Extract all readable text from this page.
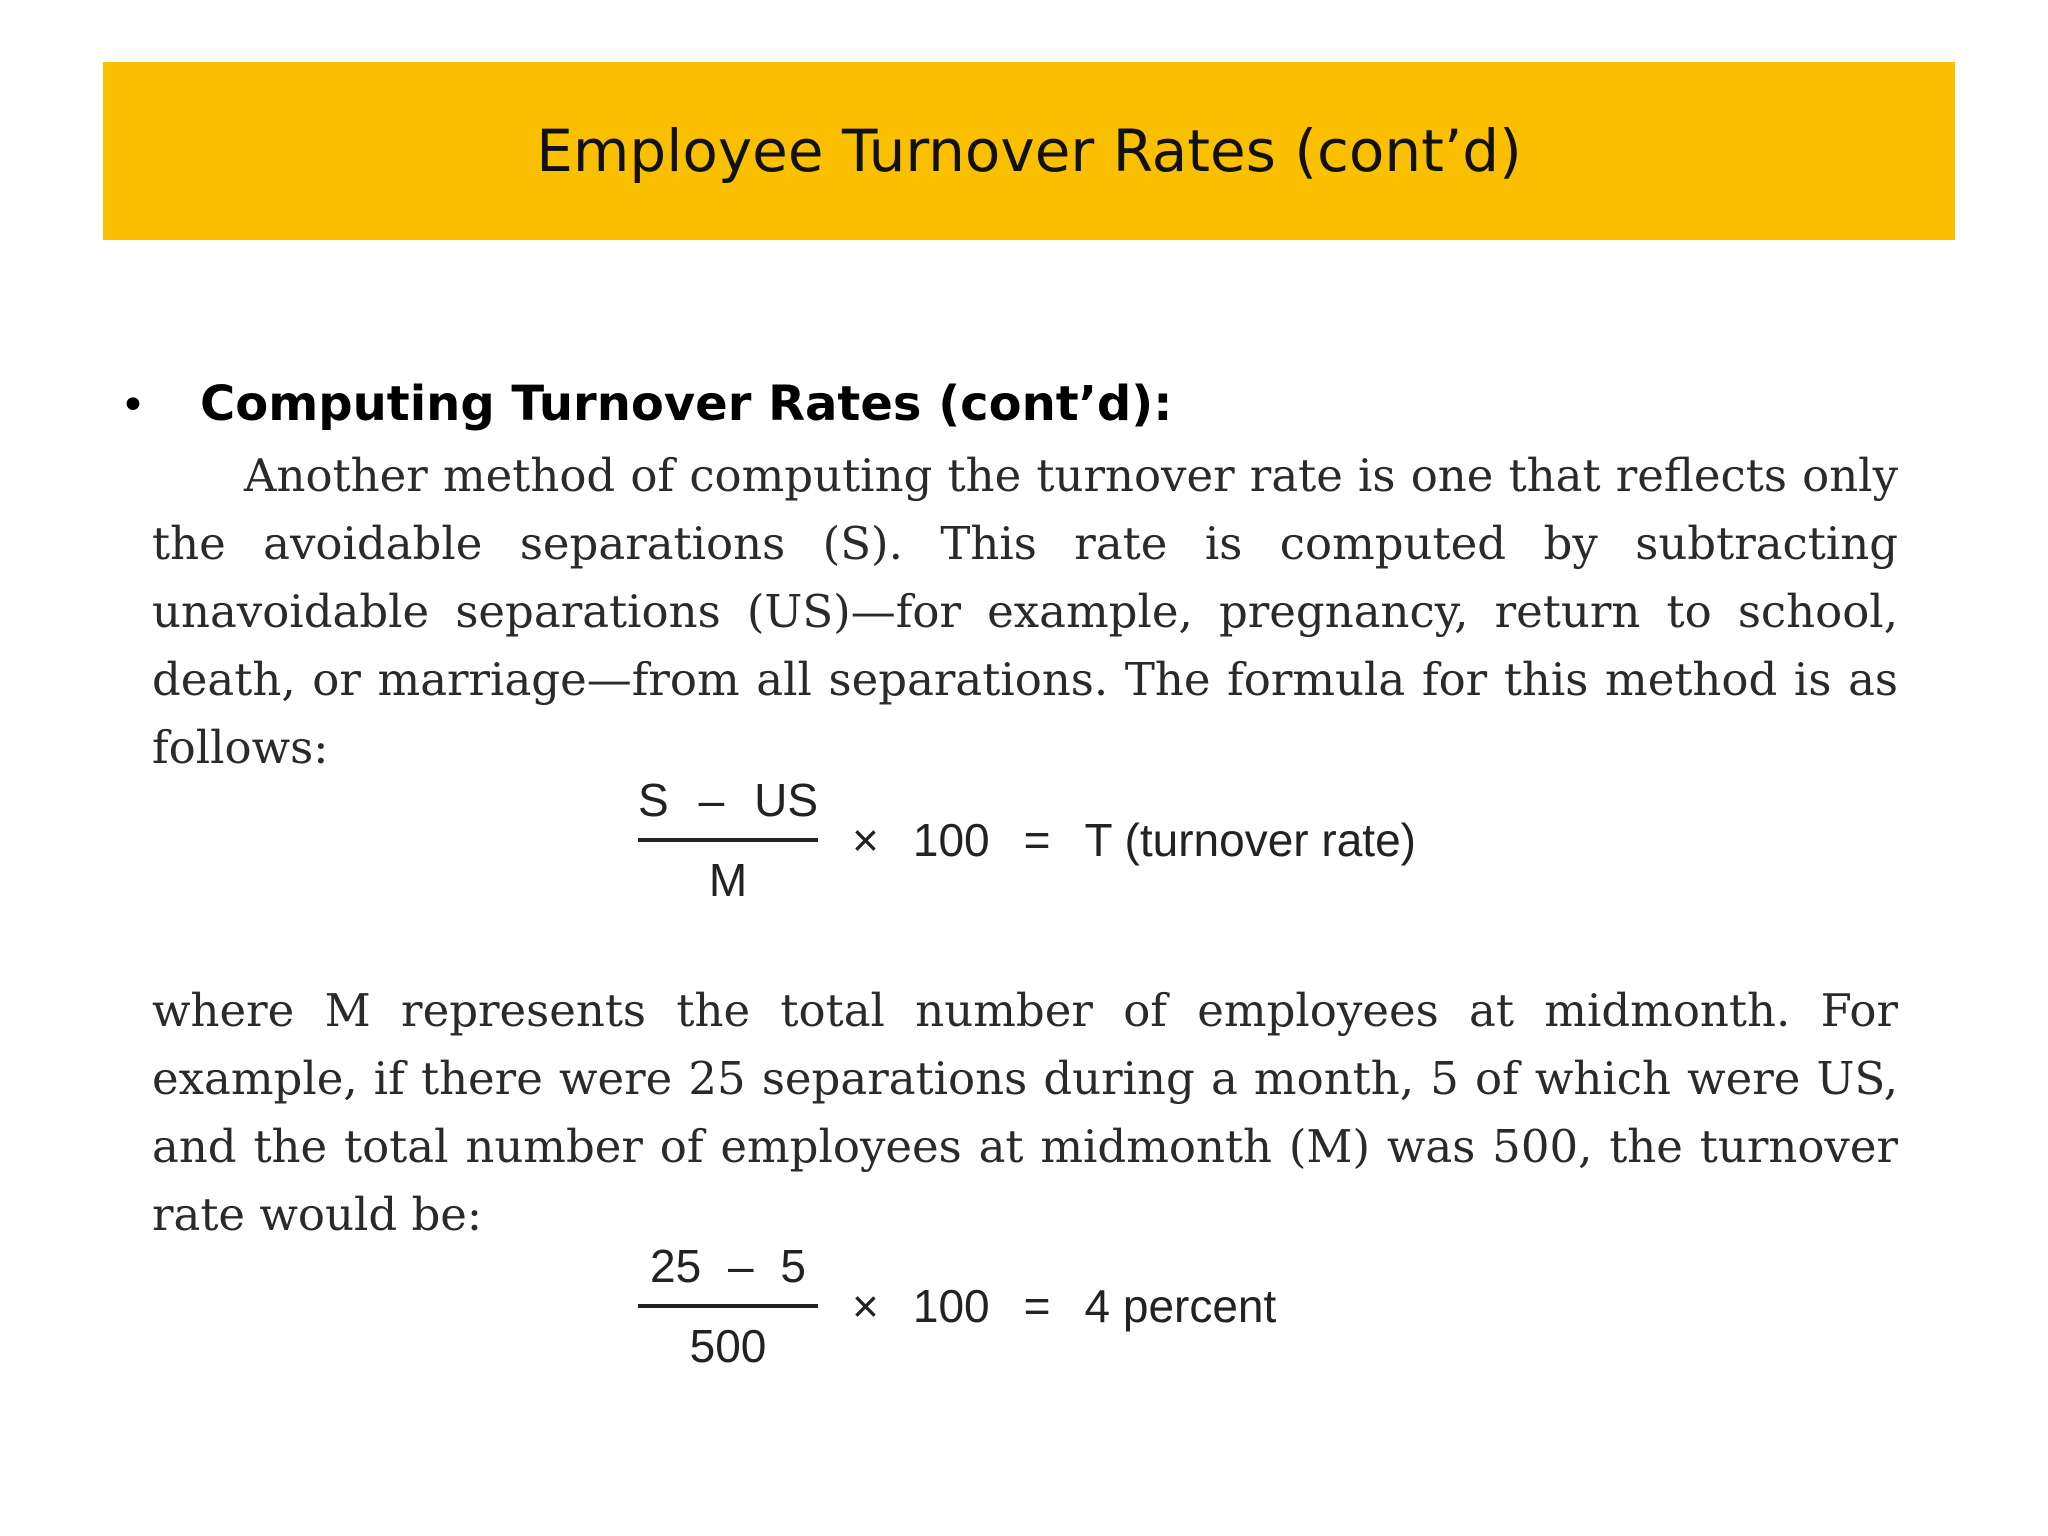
Employee Turnover Rates (cont’d)
• Computing Turnover Rates (cont’d):
Another method of computing the turnover rate is one that reflects only the avoidable separations (S). This rate is computed by subtracting unavoidable separations (US)—for example, pregnancy, return to school, death, or marriage—from all separations. The formula for this method is as follows:
$\frac{S - US}{M} \times 100 = T$ (turnover rate)
where M represents the total number of employees at midmonth. For example, if there were 25 separations during a month, 5 of which were US, and the total number of employees at midmonth (M) was 500, the turnover rate would be:
$\frac{25 - 5}{500} \times 100 = 4$ percent
